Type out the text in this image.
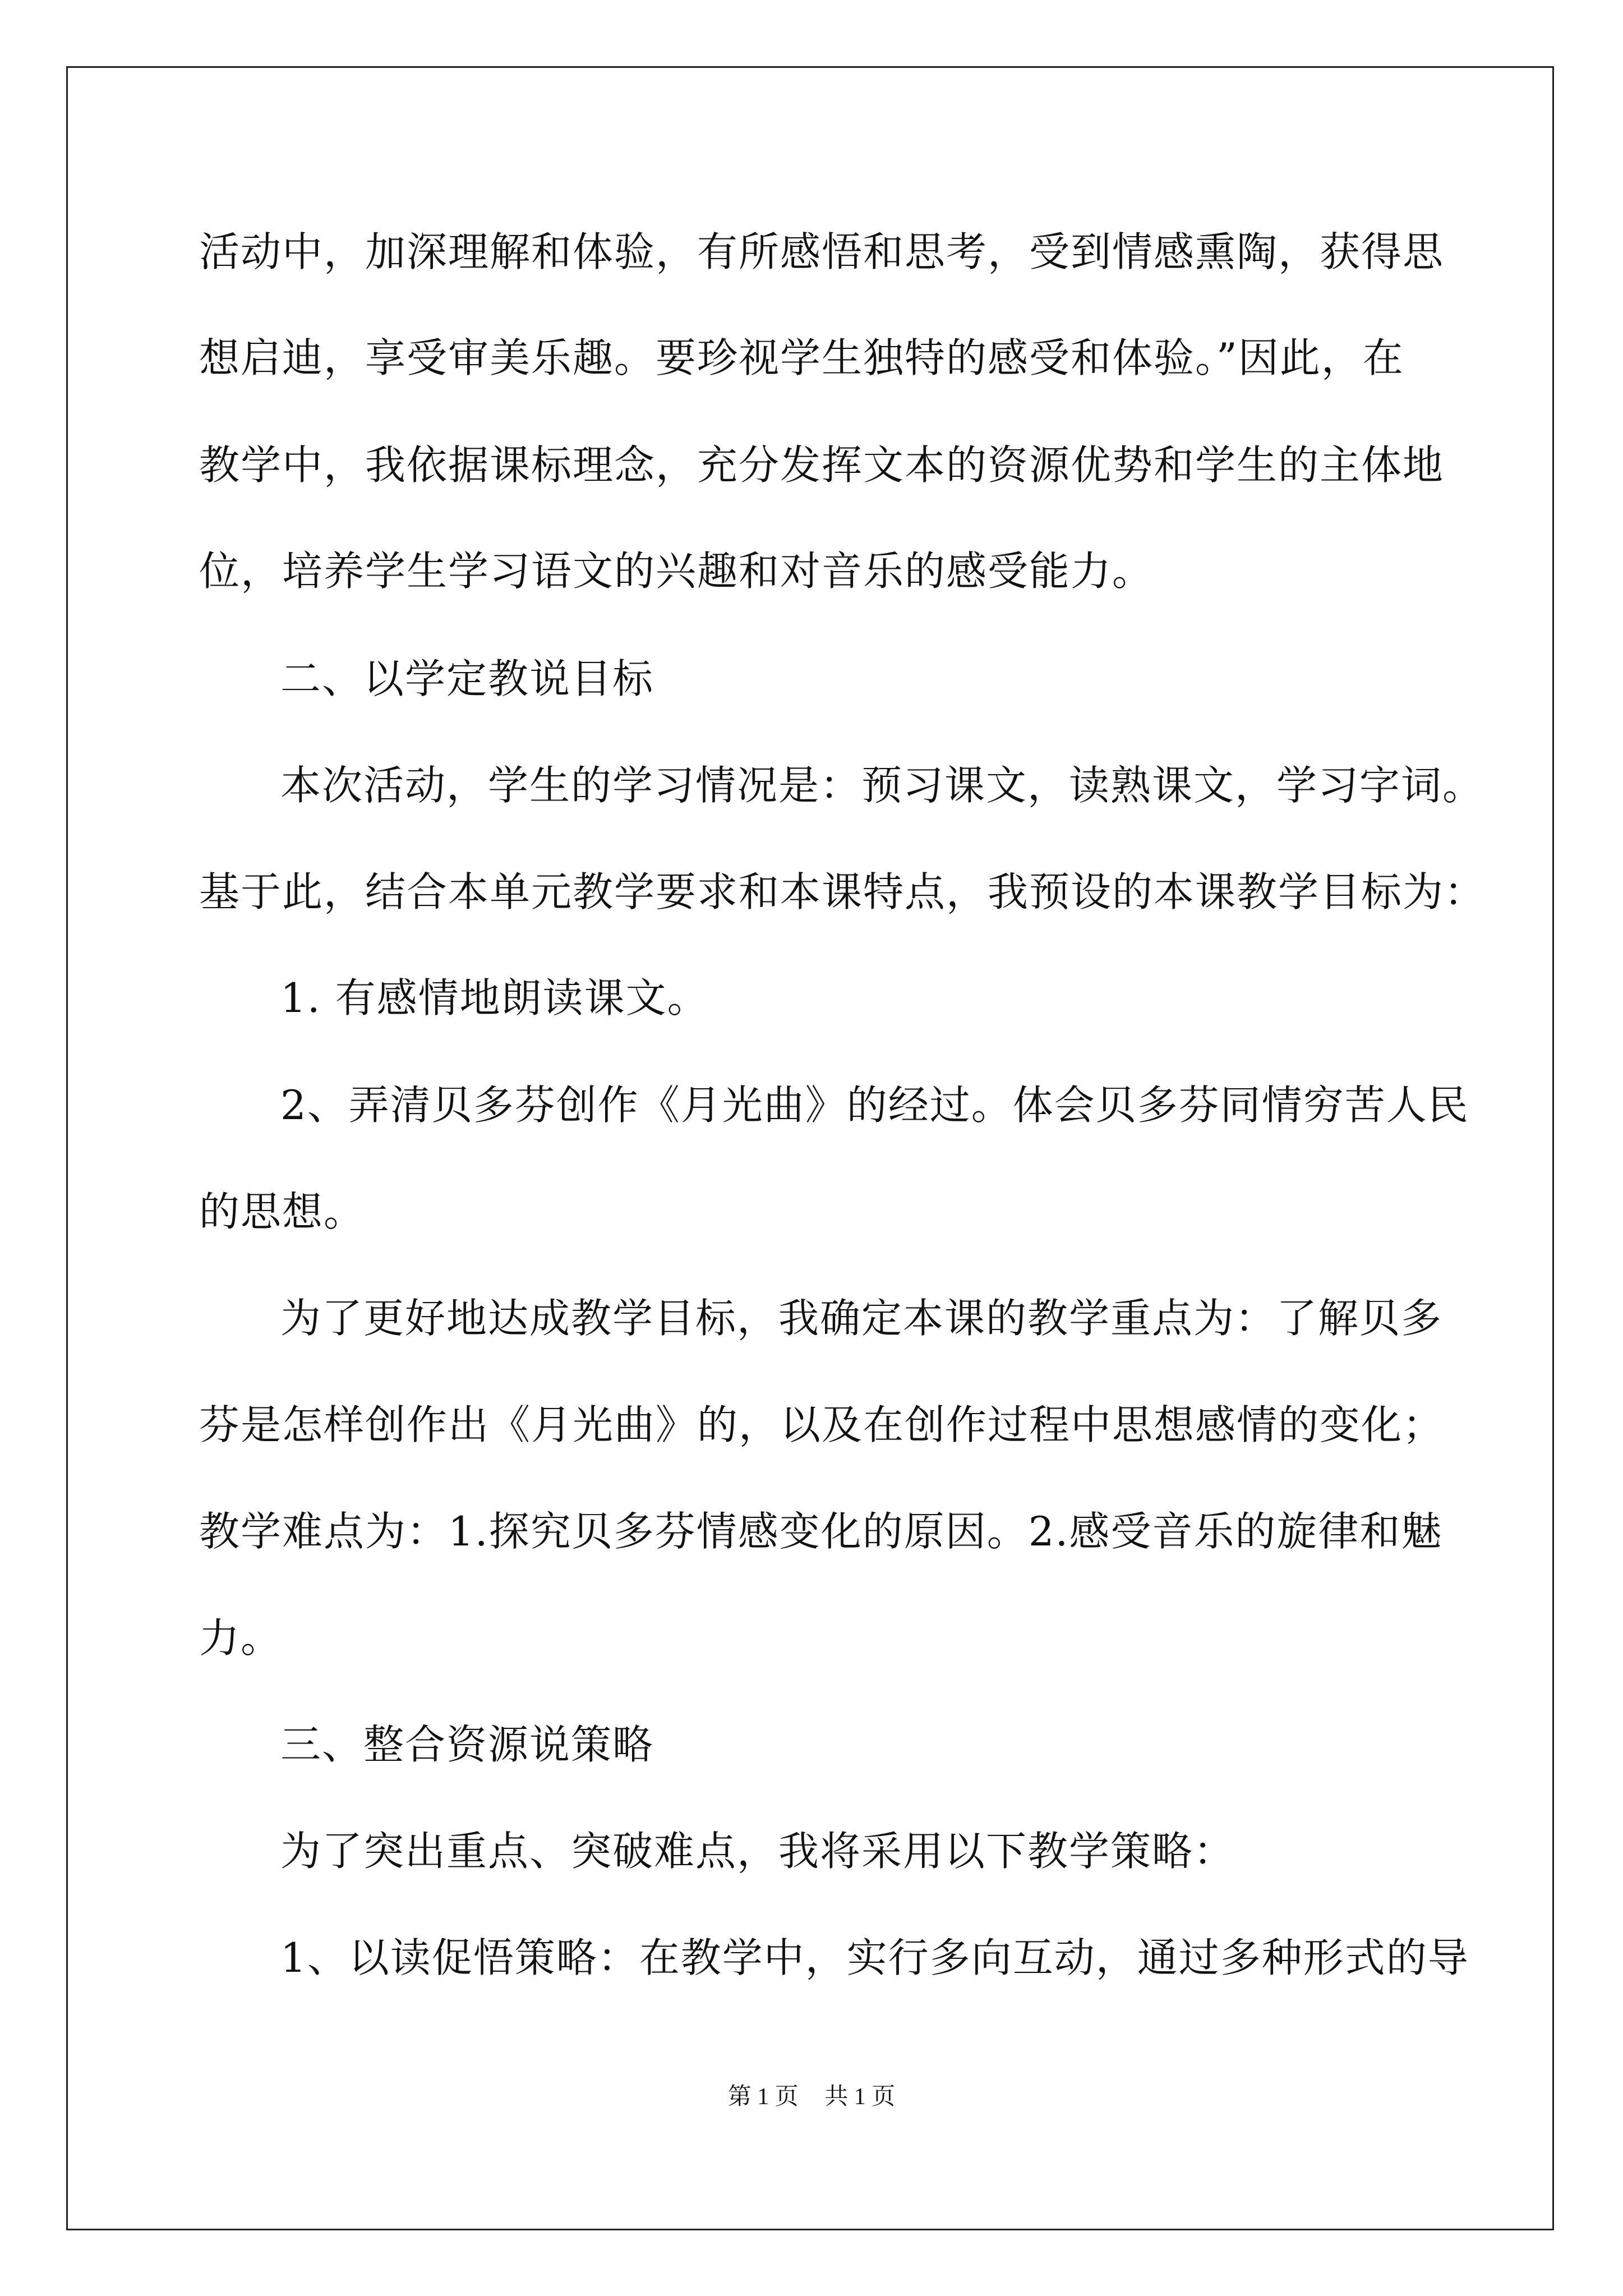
活动中，加深理解和体验，有所感悟和思考，受到情感熏陶，获得思
想启迪，享受审美乐趣。要珍视学生独特的感受和体验。”因此，在
教学中，我依据课标理念，充分发挥文本的资源优势和学生的主体地
位，培养学生学习语文的兴趣和对音乐的感受能力。
二、以学定教说目标
本次活动，学生的学习情况是：预习课文，读熟课文，学习字词。
基于此，结合本单元教学要求和本课特点，我预设的本课教学目标为：
1. 有感情地朗读课文。
2、弄清贝多芬创作《月光曲》的经过。体会贝多芬同情穷苦人民
的思想。
为了更好地达成教学目标，我确定本课的教学重点为：了解贝多
芬是怎样创作出《月光曲》的，以及在创作过程中思想感情的变化；
教学难点为：1.探究贝多芬情感变化的原因。2.感受音乐的旋律和魅
力。
三、整合资源说策略
为了突出重点、突破难点，我将采用以下教学策略：
1、以读促悟策略：在教学中，实行多向互动，通过多种形式的导
第 1 页 共 1 页
